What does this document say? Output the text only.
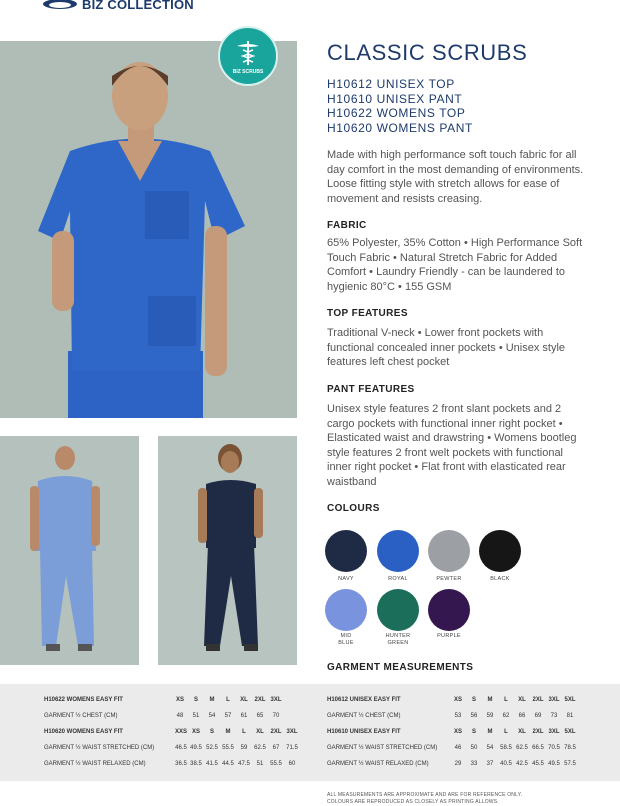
BIZ COLLECTION
BIZ SCRUBS
CLASSIC SCRUBS
H10612 UNISEX TOP
H10610 UNISEX PANT
H10622 WOMENS TOP
H10620 WOMENS PANT

Made with high performance soft touch fabric for all day comfort in the most demanding of environments. Loose fitting style with stretch allows for ease of movement and resists creasing.

FABRIC

65% Polyester, 35% Cotton • High Performance Soft Touch Fabric • Natural Stretch Fabric for Added Comfort • Laundry Friendly - can be laundered to hygienic 80°C • 155 GSM

TOP FEATURES

Traditional V-neck • Lower front pockets with functional concealed inner pockets • Unisex style features left chest pocket

PANT FEATURES

Unisex style features 2 front slant pockets and 2 cargo pockets with functional inner right pocket • Elasticated waist and drawstring • Womens bootleg style features 2 front welt pockets with functional inner right pocket • Flat front with elasticated rear waistband

COLOURS
NAVY	ROYAL	PEWTER	BLACK
MID BLUE
HUNTER GREEN
PURPLE
GARMENT MEASUREMENTS
H10622 WOMENS EASY FIT	XS	S	M	L	XL	2XL 3XL
GARMENT ½ CHEST (CM)	48	51	54	57	61	65	70
H10620 WOMENS EASY FIT	XXS XS	S	M	L	XL	2XL 3XL
GARMENT ½ WAIST STRETCHED (CM)	46.5 49.5 52.5 55.5	59	62.5	67	71.5
GARMENT ½ WAIST RELAXED (CM)	36.5 38.5 41.5 44.5 47.5	51	55.5	60
H10612 UNISEX EASY FIT	XS	S	M	L	XL	2XL 3XL 5XL
GARMENT ½ CHEST (CM)	53	56	59	62	66	69	73	81
H10610 UNISEX EASY FIT	XS	S	M	L	XL	2XL 3XL 5XL
GARMENT ½ WAIST STRETCHED (CM)	46	50	54	58.5 62.5 66.5 70.5 78.5
GARMENT ½ WAIST RELAXED (CM)	29	33	37	40.5 42.5 45.5 49.5 57.5
ALL MEASUREMENTS ARE APPROXIMATE AND ARE FOR REFERENCE ONLY.
COLOURS ARE REPRODUCED AS CLOSELY AS PRINTING ALLOWS.
